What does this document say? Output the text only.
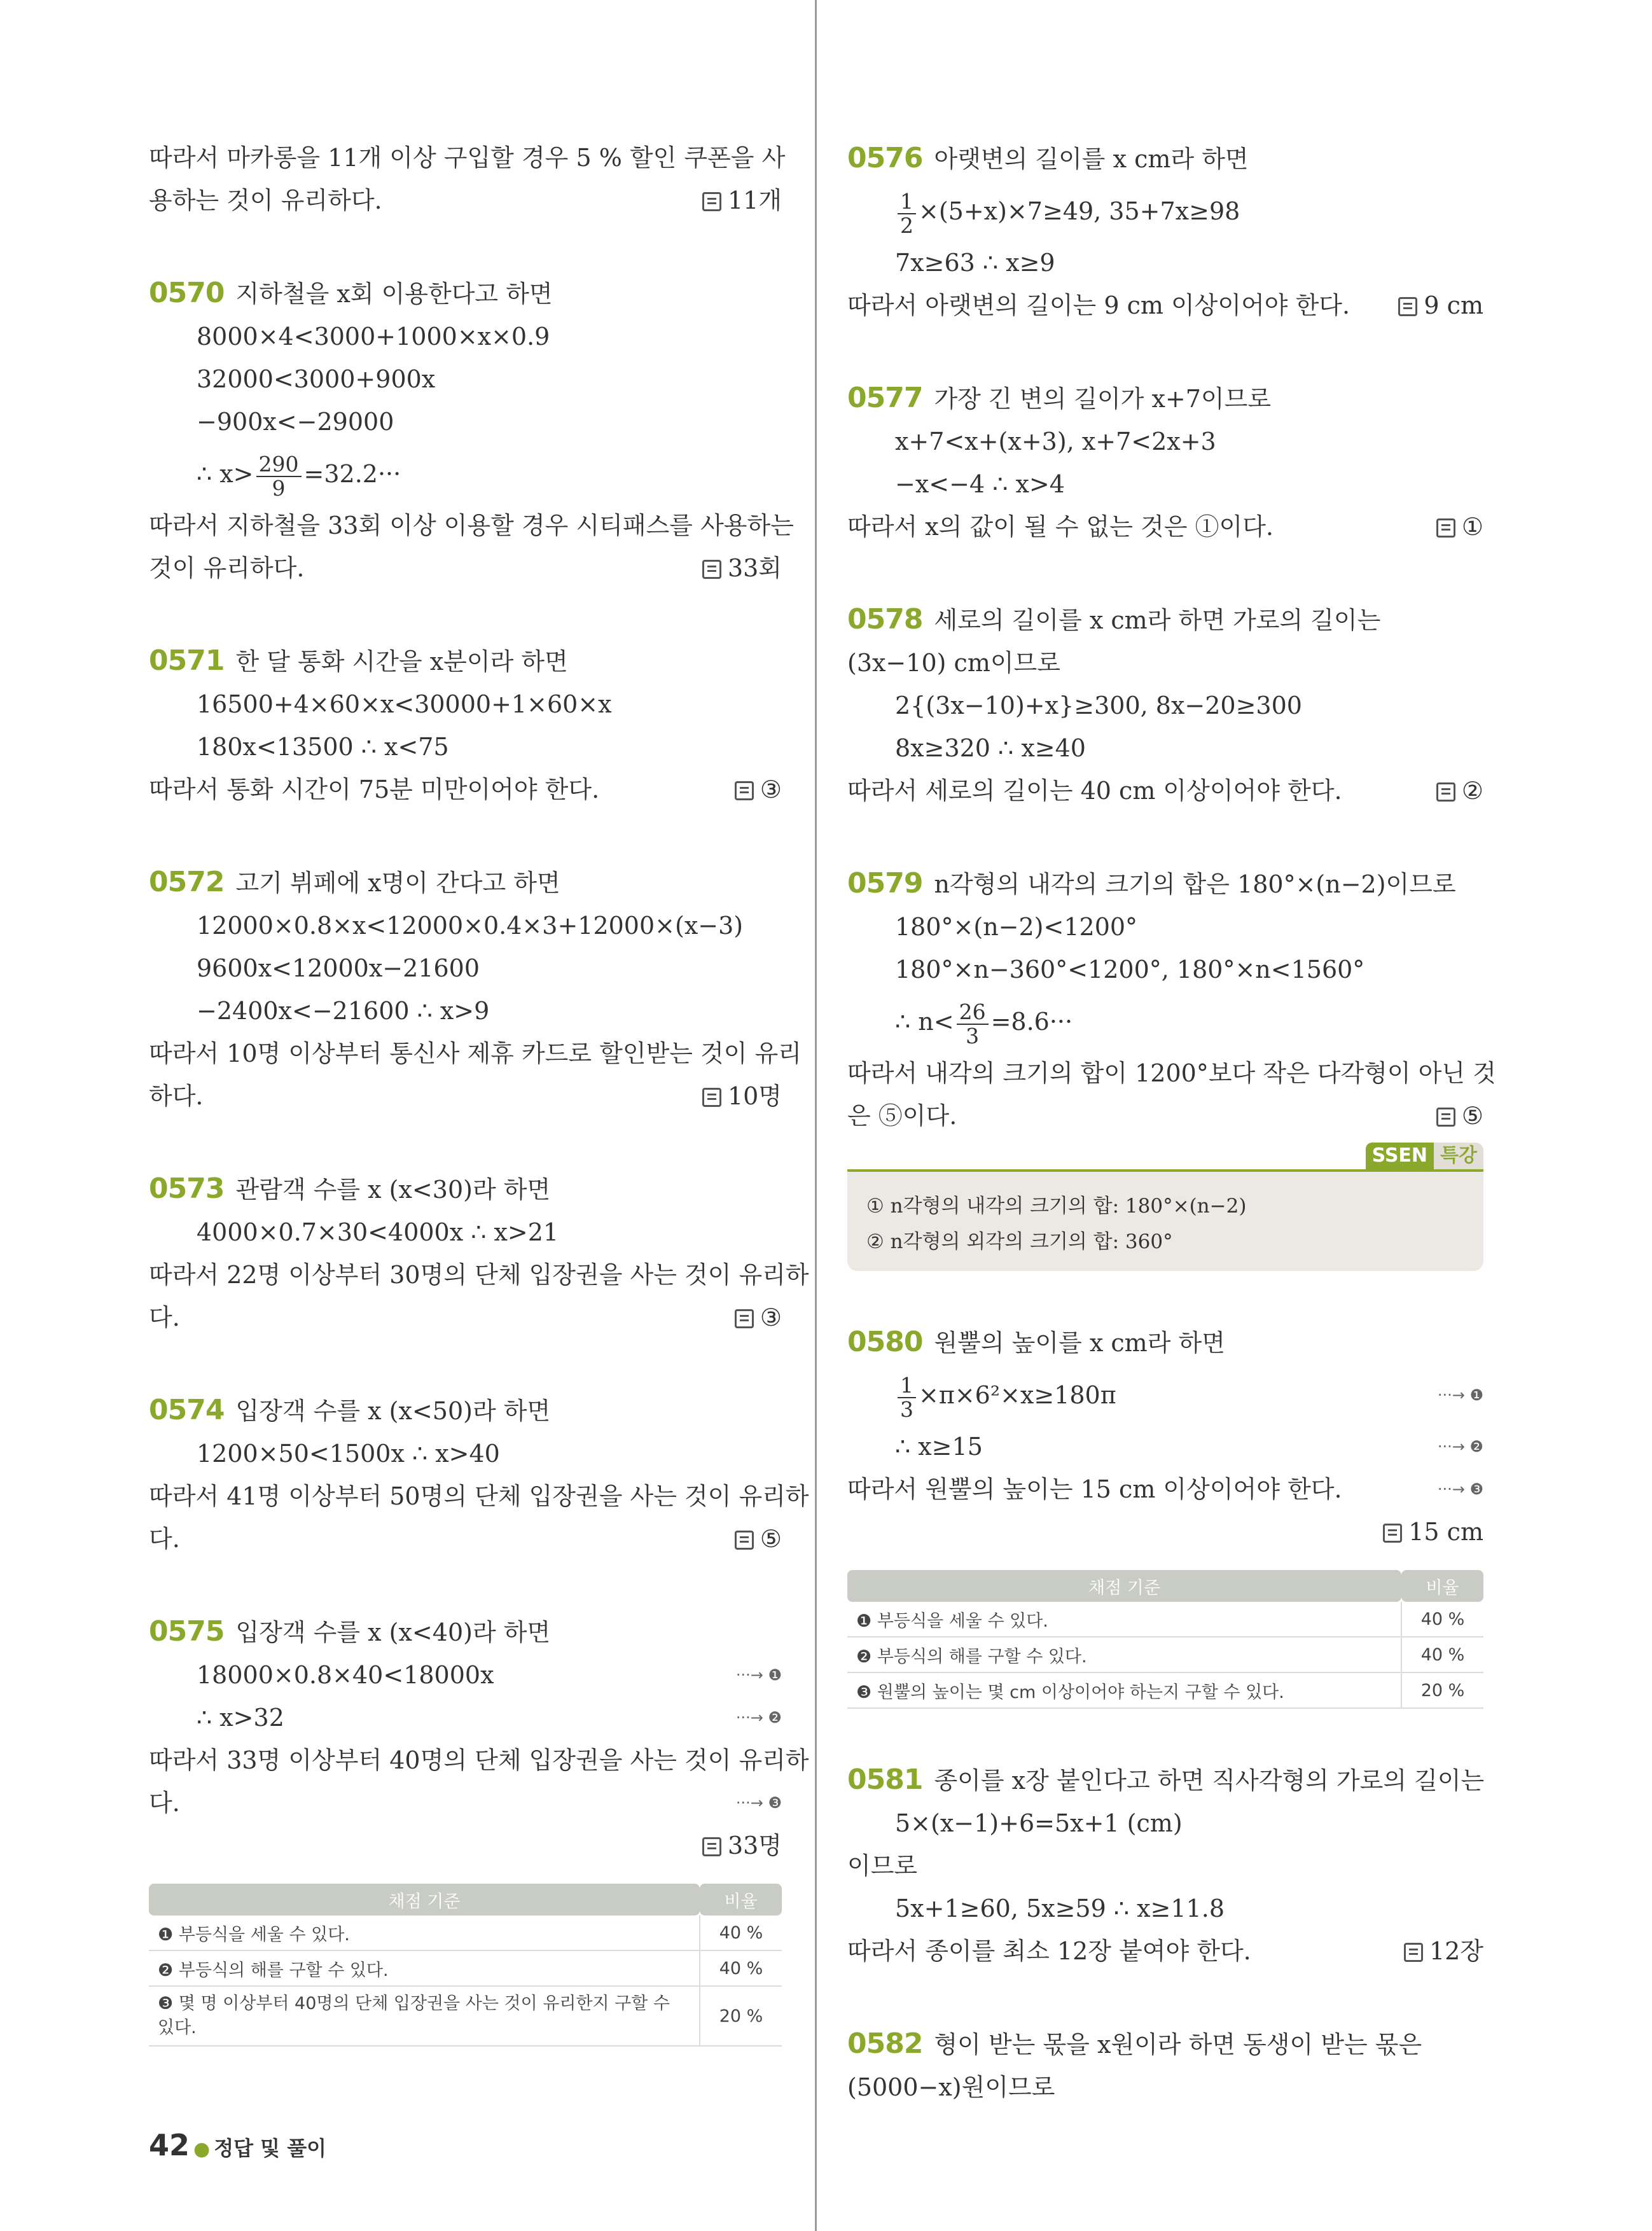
따라서 마카롱을 11개 이상 구입할 경우 5 % 할인 쿠폰을 사
용하는 것이 유리하다.	11개
0570 지하철을 x회 이용한다고 하면
8000×4<3000+1000×x×0.9
32000<3000+900x
−900x<−29000
∴ $x> \frac{290}{9} =32.2\cdot\cdot\cdot$
따라서 지하철을 33회 이상 이용할 경우 시티패스를 사용하는
것이 유리하다.	33회
0571 한 달 통화 시간을 x분이라 하면
16500+4×60×x<30000+1×60×x
180x<13500 ∴ x<75
따라서 통화 시간이 75분 미만이어야 한다.	③
0572 고기 뷔페에 x명이 간다고 하면
12000×0.8×x<12000×0.4×3+12000×(x−3)
9600x<12000x−21600
−2400x<−21600 ∴ x>9
따라서 10명 이상부터 통신사 제휴 카드로 할인받는 것이 유리
하다.	10명
0573 관람객 수를 x (x<30)라 하면
4000×0.7×30<4000x ∴ x>21
따라서 22명 이상부터 30명의 단체 입장권을 사는 것이 유리하
다.	③
0574 입장객 수를 x (x<50)라 하면
1200×50<1500x ∴ x>40
따라서 41명 이상부터 50명의 단체 입장권을 사는 것이 유리하
다.	⑤
0575 입장객 수를 x (x<40)라 하면
18000×0.8×40<18000x	···→ ❶
∴ x>32	···→ ❷
따라서 33명 이상부터 40명의 단체 입장권을 사는 것이 유리하
다.	···→ ❸
33명
채점 기준	비율
❶ 부등식을 세울 수 있다.	40 %
❷ 부등식의 해를 구할 수 있다.	40 %
❸ 몇 명 이상부터 40명의 단체 입장권을 사는 것이 유리한지 구할 수 있다.	20 %
0576 아랫변의 길이를 x cm라 하면
$\frac{1}{2} \times(5+x)\times 7\ge 49$, 35+7x≥98
7x≥63 ∴ x≥9
따라서 아랫변의 길이는 9 cm 이상이어야 한다.	9 cm
0577 가장 긴 변의 길이가 x+7이므로
x+7<x+(x+3), x+7<2x+3
−x<−4 ∴ x>4
따라서 x의 값이 될 수 없는 것은 ①이다.	①
0578 세로의 길이를 x cm라 하면 가로의 길이는
(3x−10) cm이므로
2{(3x−10)+x}≥300, 8x−20≥300
8x≥320 ∴ x≥40
따라서 세로의 길이는 40 cm 이상이어야 한다.	②
0579 n각형의 내각의 크기의 합은 180°×(n−2)이므로
180°×(n−2)<1200°
180°×n−360°<1200°, 180°×n<1560°
∴ $n< \frac{26}{3} =8.6\cdot\cdot\cdot$
따라서 내각의 크기의 합이 1200°보다 작은 다각형이 아닌 것
은 ⑤이다.	⑤
SSEN 특강
① n각형의 내각의 크기의 합: 180°×(n−2)
② n각형의 외각의 크기의 합: 360°
0580 원뿔의 높이를 x cm라 하면
$\frac{1}{3} \times\pi\times 6^2\times x\ge 180\pi$	···→ ❶
∴ x≥15	···→ ❷
따라서 원뿔의 높이는 15 cm 이상이어야 한다.	···→ ❸
15 cm
채점 기준	비율
❶ 부등식을 세울 수 있다.	40 %
❷ 부등식의 해를 구할 수 있다.	40 %
❸ 원뿔의 높이는 몇 cm 이상이어야 하는지 구할 수 있다.	20 %
0581 종이를 x장 붙인다고 하면 직사각형의 가로의 길이는
5×(x−1)+6=5x+1 (cm)
이므로
5x+1≥60, 5x≥59 ∴ x≥11.8
따라서 종이를 최소 12장 붙여야 한다.	12장
0582 형이 받는 몫을 x원이라 하면 동생이 받는 몫은
(5000−x)원이므로
42 ● 정답 및 풀이
